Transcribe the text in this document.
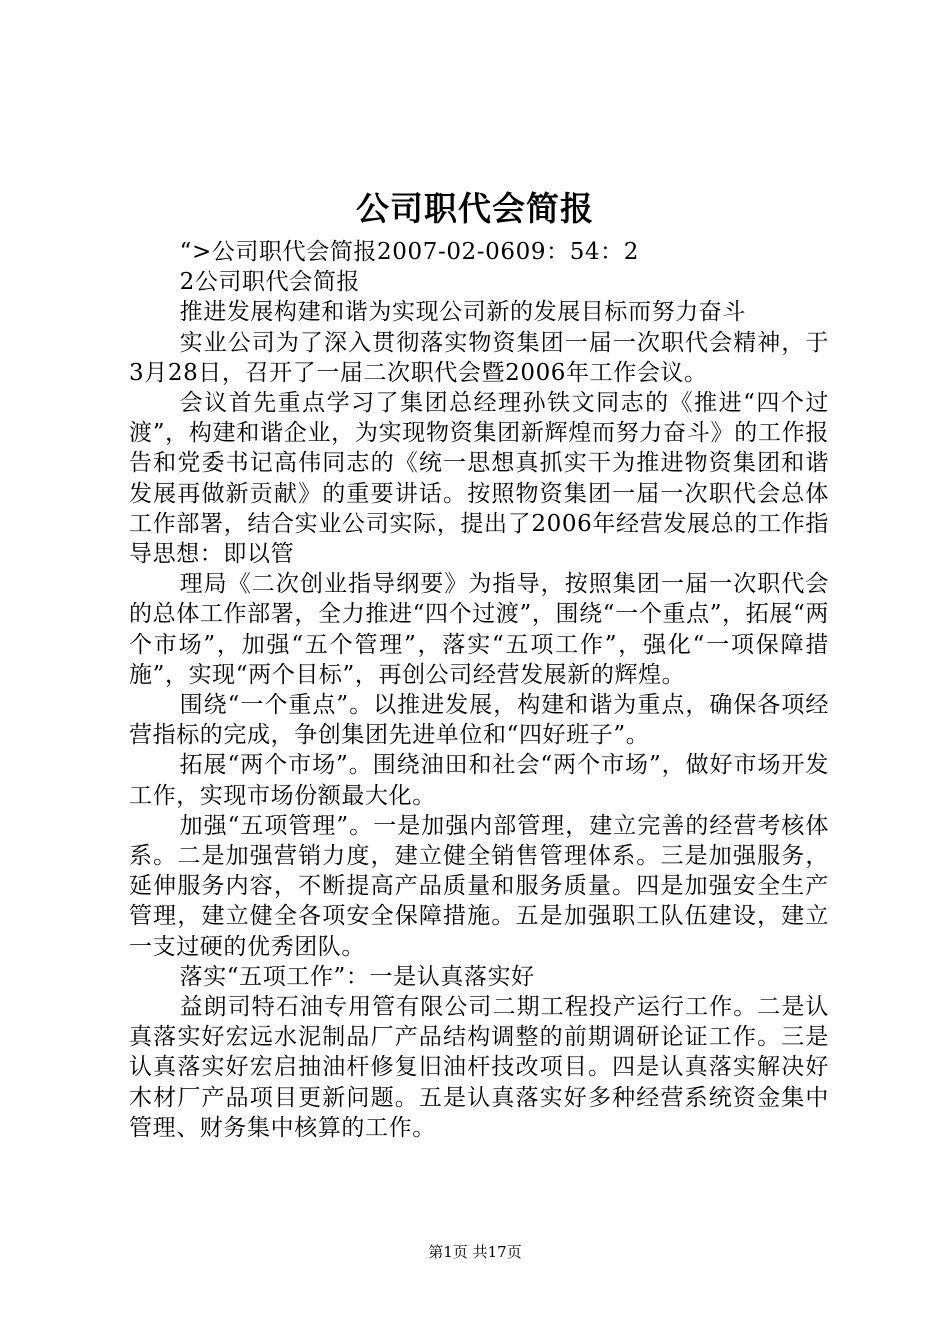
公司职代会简报

“>公司职代会简报2007-02-0609：54：2

2公司职代会简报

推进发展构建和谐为实现公司新的发展目标而努力奋斗

实业公司为了深入贯彻落实物资集团一届一次职代会精神，于3月28日，召开了一届二次职代会暨2006年工作会议。

会议首先重点学习了集团总经理孙铁文同志的《推进“四个过渡”，构建和谐企业，为实现物资集团新辉煌而努力奋斗》的工作报告和党委书记高伟同志的《统一思想真抓实干为推进物资集团和谐发展再做新贡献》的重要讲话。按照物资集团一届一次职代会总体工作部署，结合实业公司实际，提出了2006年经营发展总的工作指导思想：即以管

理局《二次创业指导纲要》为指导，按照集团一届一次职代会的总体工作部署，全力推进“四个过渡”，围绕“一个重点”，拓展“两个市场”，加强“五个管理”，落实“五项工作”，强化“一项保障措施”，实现“两个目标”，再创公司经营发展新的辉煌。

围绕“一个重点”。以推进发展，构建和谐为重点，确保各项经营指标的完成，争创集团先进单位和“四好班子”。

拓展“两个市场”。围绕油田和社会“两个市场”，做好市场开发工作，实现市场份额最大化。

加强“五项管理”。一是加强内部管理，建立完善的经营考核体系。二是加强营销力度，建立健全销售管理体系。三是加强服务，延伸服务内容，不断提高产品质量和服务质量。四是加强安全生产管理，建立健全各项安全保障措施。五是加强职工队伍建设，建立一支过硬的优秀团队。

落实“五项工作”：一是认真落实好

益朗司特石油专用管有限公司二期工程投产运行工作。二是认真落实好宏远水泥制品厂产品结构调整的前期调研论证工作。三是认真落实好宏启抽油杆修复旧油杆技改项目。四是认真落实解决好木材厂产品项目更新问题。五是认真落实好多种经营系统资金集中管理、财务集中核算的工作。

第1页 共17页
